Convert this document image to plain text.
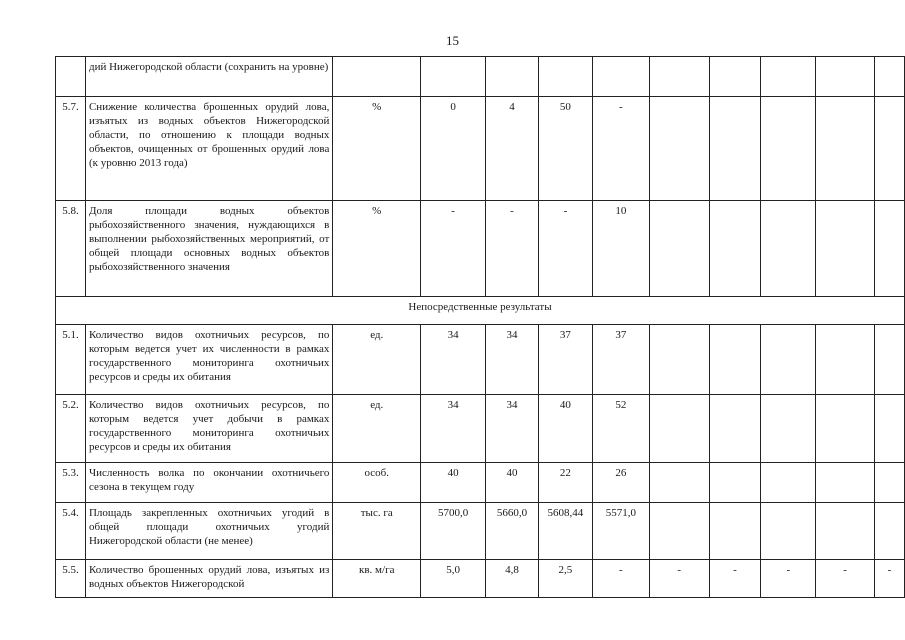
15
	дий Нижегородской области (сохранить на уровне)										
5.7.	Снижение количества брошенных орудий лова, изъятых из водных объектов Нижегородской области, по отношению к площади водных объектов, очищенных от брошенных орудий лова (к уровню 2013 года)	%	0	4	50	-					
5.8.	Доля площади водных объектов рыбохозяйственного значения, нуждающихся в выполнении рыбохозяйственных мероприятий, от общей площади основных водных объектов рыбохозяйственного значения	%	-	-	-	10					
Непосредственные результаты											
5.1.	Количество видов охотничьих ресурсов, по которым ведется учет их численности в рамках государственного мониторинга охотничьих ресурсов и среды их обитания	ед.	34	34	37	37					
5.2.	Количество видов охотничьих ресурсов, по которым ведется учет добычи в рамках государственного мониторинга охотничьих ресурсов и среды их обитания	ед.	34	34	40	52					
5.3.	Численность волка по окончании охотничьего сезона в текущем году	особ.	40	40	22	26					
5.4.	Площадь закрепленных охотничьих угодий в общей площади охотничьих угодий Нижегородской области (не менее)	тыс. га	5700,0	5660,0	5608,44	5571,0					
5.5.	Количество брошенных орудий лова, изъятых из водных объектов Нижегородской	кв. м/га	5,0	4,8	2,5	-	-	-	-	-	-
